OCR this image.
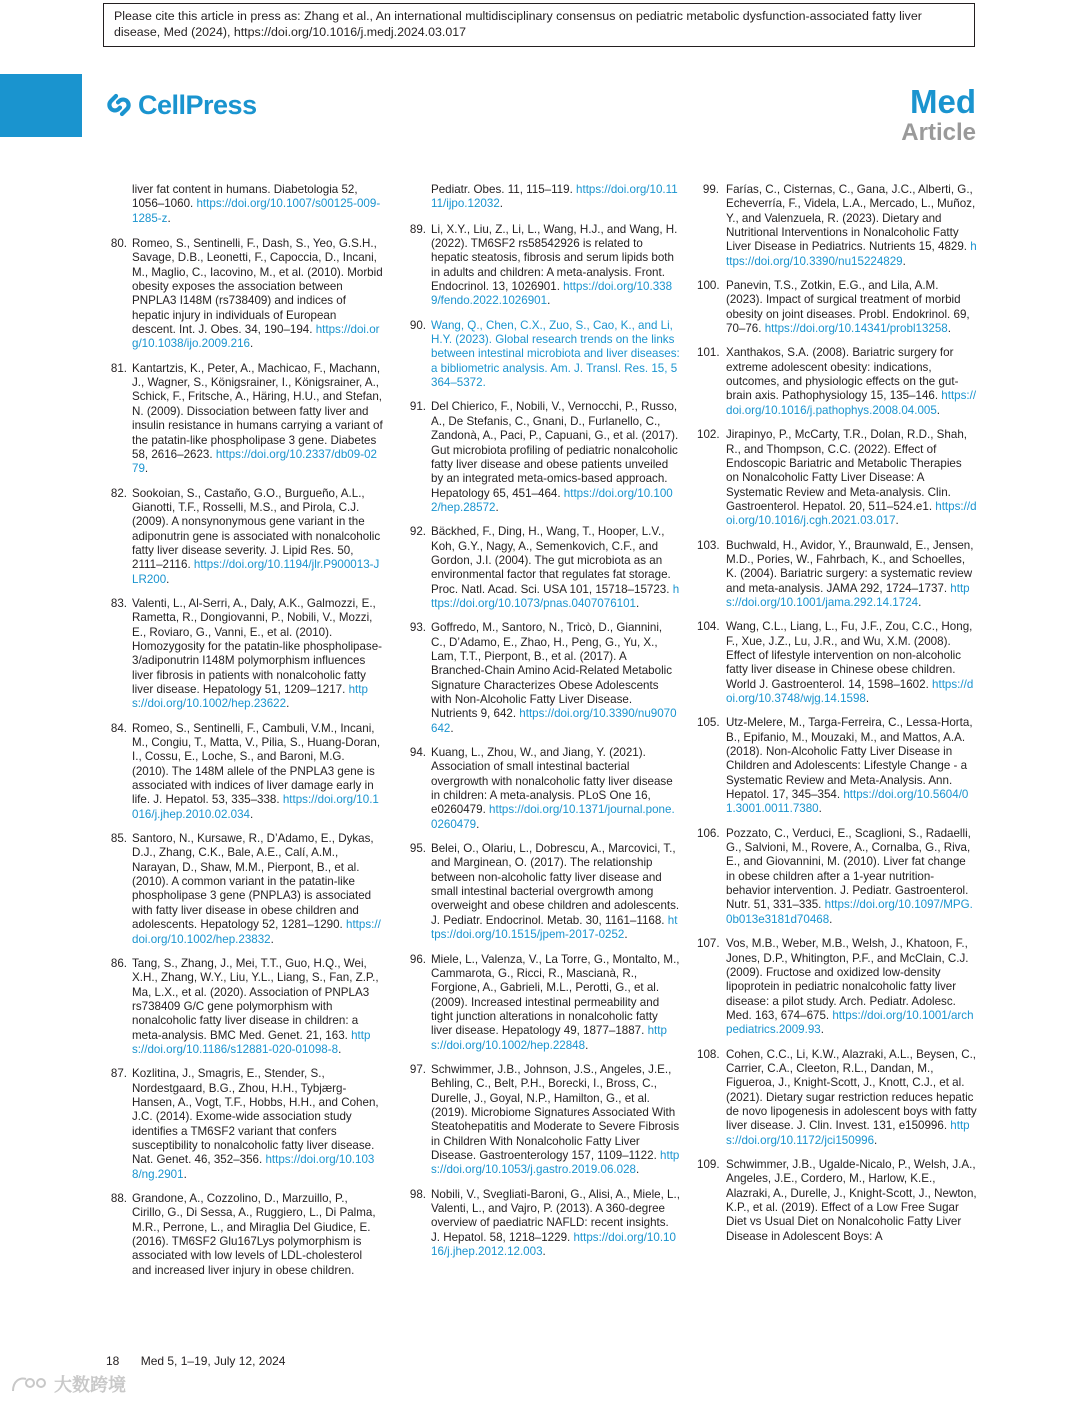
Please cite this article in press as: Zhang et al., An international multidisciplinary consensus on pediatric metabolic dysfunction-associated fatty liver disease, Med (2024), https://doi.org/10.1016/j.medj.2024.03.017
CellPress	Med
Article
liver fat content in humans. Diabetologia 52, 1056–1060. https://doi.org/10.1007/s00125-009-1285-z.
80. Romeo, S., Sentinelli, F., Dash, S., Yeo, G.S.H., Savage, D.B., Leonetti, F., Capoccia, D., Incani, M., Maglio, C., Iacovino, M., et al. (2010). Morbid obesity exposes the association between PNPLA3 I148M (rs738409) and indices of hepatic injury in individuals of European descent. Int. J. Obes. 34, 190–194. https://doi.org/10.1038/ijo.2009.216.
81. Kantartzis, K., Peter, A., Machicao, F., Machann, J., Wagner, S., Königsrainer, I., Königsrainer, A., Schick, F., Fritsche, A., Häring, H.U., and Stefan, N. (2009). Dissociation between fatty liver and insulin resistance in humans carrying a variant of the patatin-like phospholipase 3 gene. Diabetes 58, 2616–2623. https://doi.org/10.2337/db09-0279.
82. Sookoian, S., Castaño, G.O., Burgueño, A.L., Gianotti, T.F., Rosselli, M.S., and Pirola, C.J. (2009). A nonsynonymous gene variant in the adiponutrin gene is associated with nonalcoholic fatty liver disease severity. J. Lipid Res. 50, 2111–2116. https://doi.org/10.1194/jlr.P900013-JLR200.
83. Valenti, L., Al-Serri, A., Daly, A.K., Galmozzi, E., Rametta, R., Dongiovanni, P., Nobili, V., Mozzi, E., Roviaro, G., Vanni, E., et al. (2010). Homozygosity for the patatin-like phospholipase-3/adiponutrin I148M polymorphism influences liver fibrosis in patients with nonalcoholic fatty liver disease. Hepatology 51, 1209–1217. https://doi.org/10.1002/hep.23622.
84. Romeo, S., Sentinelli, F., Cambuli, V.M., Incani, M., Congiu, T., Matta, V., Pilia, S., Huang-Doran, I., Cossu, E., Loche, S., and Baroni, M.G. (2010). The 148M allele of the PNPLA3 gene is associated with indices of liver damage early in life. J. Hepatol. 53, 335–338. https://doi.org/10.1016/j.jhep.2010.02.034.
85. Santoro, N., Kursawe, R., D’Adamo, E., Dykas, D.J., Zhang, C.K., Bale, A.E., Calí, A.M., Narayan, D., Shaw, M.M., Pierpont, B., et al. (2010). A common variant in the patatin-like phospholipase 3 gene (PNPLA3) is associated with fatty liver disease in obese children and adolescents. Hepatology 52, 1281–1290. https://doi.org/10.1002/hep.23832.
86. Tang, S., Zhang, J., Mei, T.T., Guo, H.Q., Wei, X.H., Zhang, W.Y., Liu, Y.L., Liang, S., Fan, Z.P., Ma, L.X., et al. (2020). Association of PNPLA3 rs738409 G/C gene polymorphism with nonalcoholic fatty liver disease in children: a meta-analysis. BMC Med. Genet. 21, 163. https://doi.org/10.1186/s12881-020-01098-8.
87. Kozlitina, J., Smagris, E., Stender, S., Nordestgaard, B.G., Zhou, H.H., Tybjærg-Hansen, A., Vogt, T.F., Hobbs, H.H., and Cohen, J.C. (2014). Exome-wide association study identifies a TM6SF2 variant that confers susceptibility to nonalcoholic fatty liver disease. Nat. Genet. 46, 352–356. https://doi.org/10.1038/ng.2901.
88. Grandone, A., Cozzolino, D., Marzuillo, P., Cirillo, G., Di Sessa, A., Ruggiero, L., Di Palma, M.R., Perrone, L., and Miraglia Del Giudice, E. (2016). TM6SF2 Glu167Lys polymorphism is associated with low levels of LDL-cholesterol and increased liver injury in obese children.
Pediatr. Obes. 11, 115–119. https://doi.org/10.1111/ijpo.12032.
89. Li, X.Y., Liu, Z., Li, L., Wang, H.J., and Wang, H. (2022). TM6SF2 rs58542926 is related to hepatic steatosis, fibrosis and serum lipids both in adults and children: A meta-analysis. Front. Endocrinol. 13, 1026901. https://doi.org/10.3389/fendo.2022.1026901.
90. Wang, Q., Chen, C.X., Zuo, S., Cao, K., and Li, H.Y. (2023). Global research trends on the links between intestinal microbiota and liver diseases: a bibliometric analysis. Am. J. Transl. Res. 15, 5364–5372.
91. Del Chierico, F., Nobili, V., Vernocchi, P., Russo, A., De Stefanis, C., Gnani, D., Furlanello, C., Zandonà, A., Paci, P., Capuani, G., et al. (2017). Gut microbiota profiling of pediatric nonalcoholic fatty liver disease and obese patients unveiled by an integrated meta-omics-based approach. Hepatology 65, 451–464. https://doi.org/10.1002/hep.28572.
92. Bäckhed, F., Ding, H., Wang, T., Hooper, L.V., Koh, G.Y., Nagy, A., Semenkovich, C.F., and Gordon, J.I. (2004). The gut microbiota as an environmental factor that regulates fat storage. Proc. Natl. Acad. Sci. USA 101, 15718–15723. https://doi.org/10.1073/pnas.0407076101.
93. Goffredo, M., Santoro, N., Tricò, D., Giannini, C., D’Adamo, E., Zhao, H., Peng, G., Yu, X., Lam, T.T., Pierpont, B., et al. (2017). A Branched-Chain Amino Acid-Related Metabolic Signature Characterizes Obese Adolescents with Non-Alcoholic Fatty Liver Disease. Nutrients 9, 642. https://doi.org/10.3390/nu9070642.
94. Kuang, L., Zhou, W., and Jiang, Y. (2021). Association of small intestinal bacterial overgrowth with nonalcoholic fatty liver disease in children: A meta-analysis. PLoS One 16, e0260479. https://doi.org/10.1371/journal.pone.0260479.
95. Belei, O., Olariu, L., Dobrescu, A., Marcovici, T., and Marginean, O. (2017). The relationship between non-alcoholic fatty liver disease and small intestinal bacterial overgrowth among overweight and obese children and adolescents. J. Pediatr. Endocrinol. Metab. 30, 1161–1168. https://doi.org/10.1515/jpem-2017-0252.
96. Miele, L., Valenza, V., La Torre, G., Montalto, M., Cammarota, G., Ricci, R., Mascianà, R., Forgione, A., Gabrieli, M.L., Perotti, G., et al. (2009). Increased intestinal permeability and tight junction alterations in nonalcoholic fatty liver disease. Hepatology 49, 1877–1887. https://doi.org/10.1002/hep.22848.
97. Schwimmer, J.B., Johnson, J.S., Angeles, J.E., Behling, C., Belt, P.H., Borecki, I., Bross, C., Durelle, J., Goyal, N.P., Hamilton, G., et al. (2019). Microbiome Signatures Associated With Steatohepatitis and Moderate to Severe Fibrosis in Children With Nonalcoholic Fatty Liver Disease. Gastroenterology 157, 1109–1122. https://doi.org/10.1053/j.gastro.2019.06.028.
98. Nobili, V., Svegliati-Baroni, G., Alisi, A., Miele, L., Valenti, L., and Vajro, P. (2013). A 360-degree overview of paediatric NAFLD: recent insights. J. Hepatol. 58, 1218–1229. https://doi.org/10.1016/j.jhep.2012.12.003.
99. Farías, C., Cisternas, C., Gana, J.C., Alberti, G., Echeverría, F., Videla, L.A., Mercado, L., Muñoz, Y., and Valenzuela, R. (2023). Dietary and Nutritional Interventions in Nonalcoholic Fatty Liver Disease in Pediatrics. Nutrients 15, 4829. https://doi.org/10.3390/nu15224829.
100. Panevin, T.S., Zotkin, E.G., and Lila, A.M. (2023). Impact of surgical treatment of morbid obesity on joint diseases. Probl. Endokrinol. 69, 70–76. https://doi.org/10.14341/probl13258.
101. Xanthakos, S.A. (2008). Bariatric surgery for extreme adolescent obesity: indications, outcomes, and physiologic effects on the gut-brain axis. Pathophysiology 15, 135–146. https://doi.org/10.1016/j.pathophys.2008.04.005.
102. Jirapinyo, P., McCarty, T.R., Dolan, R.D., Shah, R., and Thompson, C.C. (2022). Effect of Endoscopic Bariatric and Metabolic Therapies on Nonalcoholic Fatty Liver Disease: A Systematic Review and Meta-analysis. Clin. Gastroenterol. Hepatol. 20, 511–524.e1. https://doi.org/10.1016/j.cgh.2021.03.017.
103. Buchwald, H., Avidor, Y., Braunwald, E., Jensen, M.D., Pories, W., Fahrbach, K., and Schoelles, K. (2004). Bariatric surgery: a systematic review and meta-analysis. JAMA 292, 1724–1737. https://doi.org/10.1001/jama.292.14.1724.
104. Wang, C.L., Liang, L., Fu, J.F., Zou, C.C., Hong, F., Xue, J.Z., Lu, J.R., and Wu, X.M. (2008). Effect of lifestyle intervention on non-alcoholic fatty liver disease in Chinese obese children. World J. Gastroenterol. 14, 1598–1602. https://doi.org/10.3748/wjg.14.1598.
105. Utz-Melere, M., Targa-Ferreira, C., Lessa-Horta, B., Epifanio, M., Mouzaki, M., and Mattos, A.A. (2018). Non-Alcoholic Fatty Liver Disease in Children and Adolescents: Lifestyle Change - a Systematic Review and Meta-Analysis. Ann. Hepatol. 17, 345–354. https://doi.org/10.5604/01.3001.0011.7380.
106. Pozzato, C., Verduci, E., Scaglioni, S., Radaelli, G., Salvioni, M., Rovere, A., Cornalba, G., Riva, E., and Giovannini, M. (2010). Liver fat change in obese children after a 1-year nutrition-behavior intervention. J. Pediatr. Gastroenterol. Nutr. 51, 331–335. https://doi.org/10.1097/MPG.0b013e3181d70468.
107. Vos, M.B., Weber, M.B., Welsh, J., Khatoon, F., Jones, D.P., Whitington, P.F., and McClain, C.J. (2009). Fructose and oxidized low-density lipoprotein in pediatric nonalcoholic fatty liver disease: a pilot study. Arch. Pediatr. Adolesc. Med. 163, 674–675. https://doi.org/10.1001/archpediatrics.2009.93.
108. Cohen, C.C., Li, K.W., Alazraki, A.L., Beysen, C., Carrier, C.A., Cleeton, R.L., Dandan, M., Figueroa, J., Knight-Scott, J., Knott, C.J., et al. (2021). Dietary sugar restriction reduces hepatic de novo lipogenesis in adolescent boys with fatty liver disease. J. Clin. Invest. 131, e150996. https://doi.org/10.1172/jci150996.
109. Schwimmer, J.B., Ugalde-Nicalo, P., Welsh, J.A., Angeles, J.E., Cordero, M., Harlow, K.E., Alazraki, A., Durelle, J., Knight-Scott, J., Newton, K.P., et al. (2019). Effect of a Low Free Sugar Diet vs Usual Diet on Nonalcoholic Fatty Liver Disease in Adolescent Boys: A
18 Med 5, 1–19, July 12, 2024
大数跨境
